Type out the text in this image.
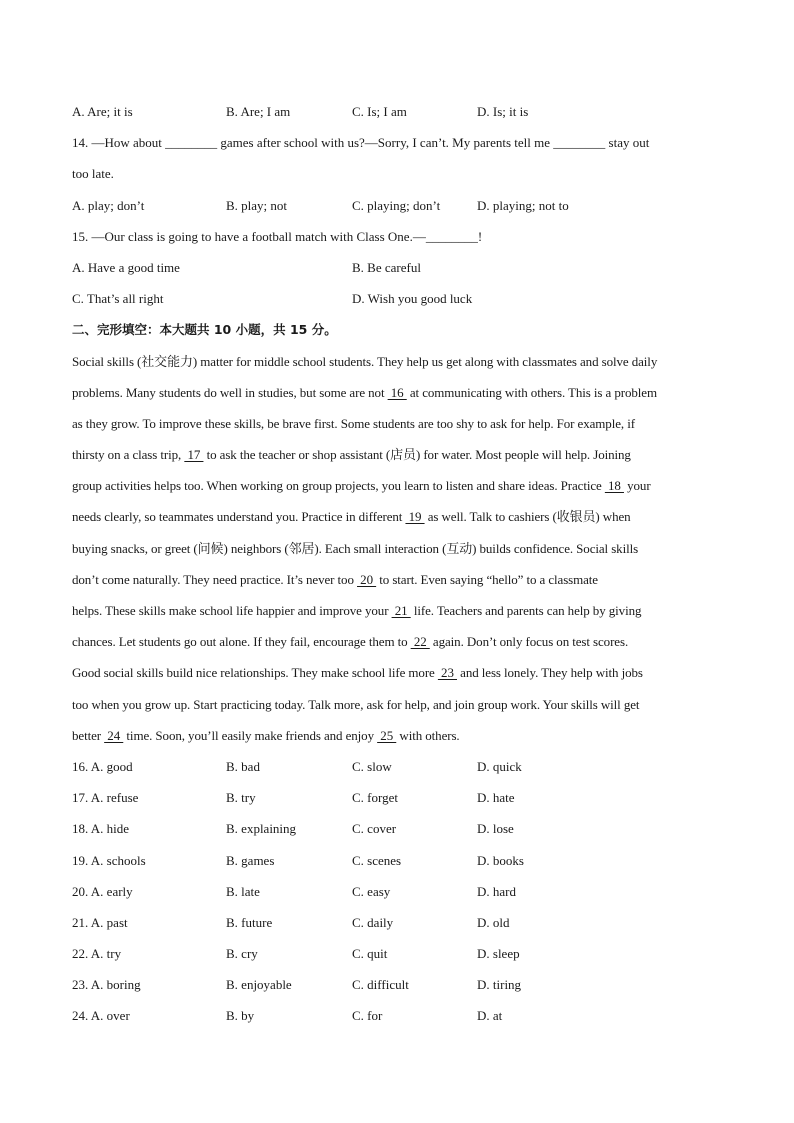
A. Are; it is	B. Are; I am	C. Is; I am	D. Is; it is
14. —How about ________ games after school with us?—Sorry, I can’t. My parents tell me ________ stay out
too late.
A. play; don’t	B. play; not	C. playing; don’t	D. playing; not to
15. —Our class is going to have a football match with Class One.—________!
A. Have a good time	B. Be careful
C. That’s all right	D. Wish you good luck
二、完形填空：本大题共 10 小题，共 15 分。
Social skills (社交能力) matter for middle school students. They help us get along with classmates and solve daily
problems. Many students do well in studies, but some are not  16  at communicating with others. This is a problem
as they grow. To improve these skills, be brave first. Some students are too shy to ask for help. For example, if
thirsty on a class trip,  17  to ask the teacher or shop assistant (店员) for water. Most people will help. Joining
group activities helps too. When working on group projects, you learn to listen and share ideas. Practice  18  your
needs clearly, so teammates understand you. Practice in different  19  as well. Talk to cashiers (收银员) when
buying snacks, or greet (问候) neighbors (邻居). Each small interaction (互动) builds confidence. Social skills
don’t come naturally. They need practice. It’s never too  20  to start. Even saying “hello” to a classmate
helps. These skills make school life happier and improve your  21  life. Teachers and parents can help by giving
chances. Let students go out alone. If they fail, encourage them to  22  again. Don’t only focus on test scores.
Good social skills build nice relationships. They make school life more  23  and less lonely. They help with jobs
too when you grow up. Start practicing today. Talk more, ask for help, and join group work. Your skills will get
better  24  time. Soon, you’ll easily make friends and enjoy  25  with others.
16. A. good	B. bad	C. slow	D. quick
17. A. refuse	B. try	C. forget	D. hate
18. A. hide	B. explaining	C. cover	D. lose
19. A. schools	B. games	C. scenes	D. books
20. A. early	B. late	C. easy	D. hard
21. A. past	B. future	C. daily	D. old
22. A. try	B. cry	C. quit	D. sleep
23. A. boring	B. enjoyable	C. difficult	D. tiring
24. A. over	B. by	C. for	D. at
